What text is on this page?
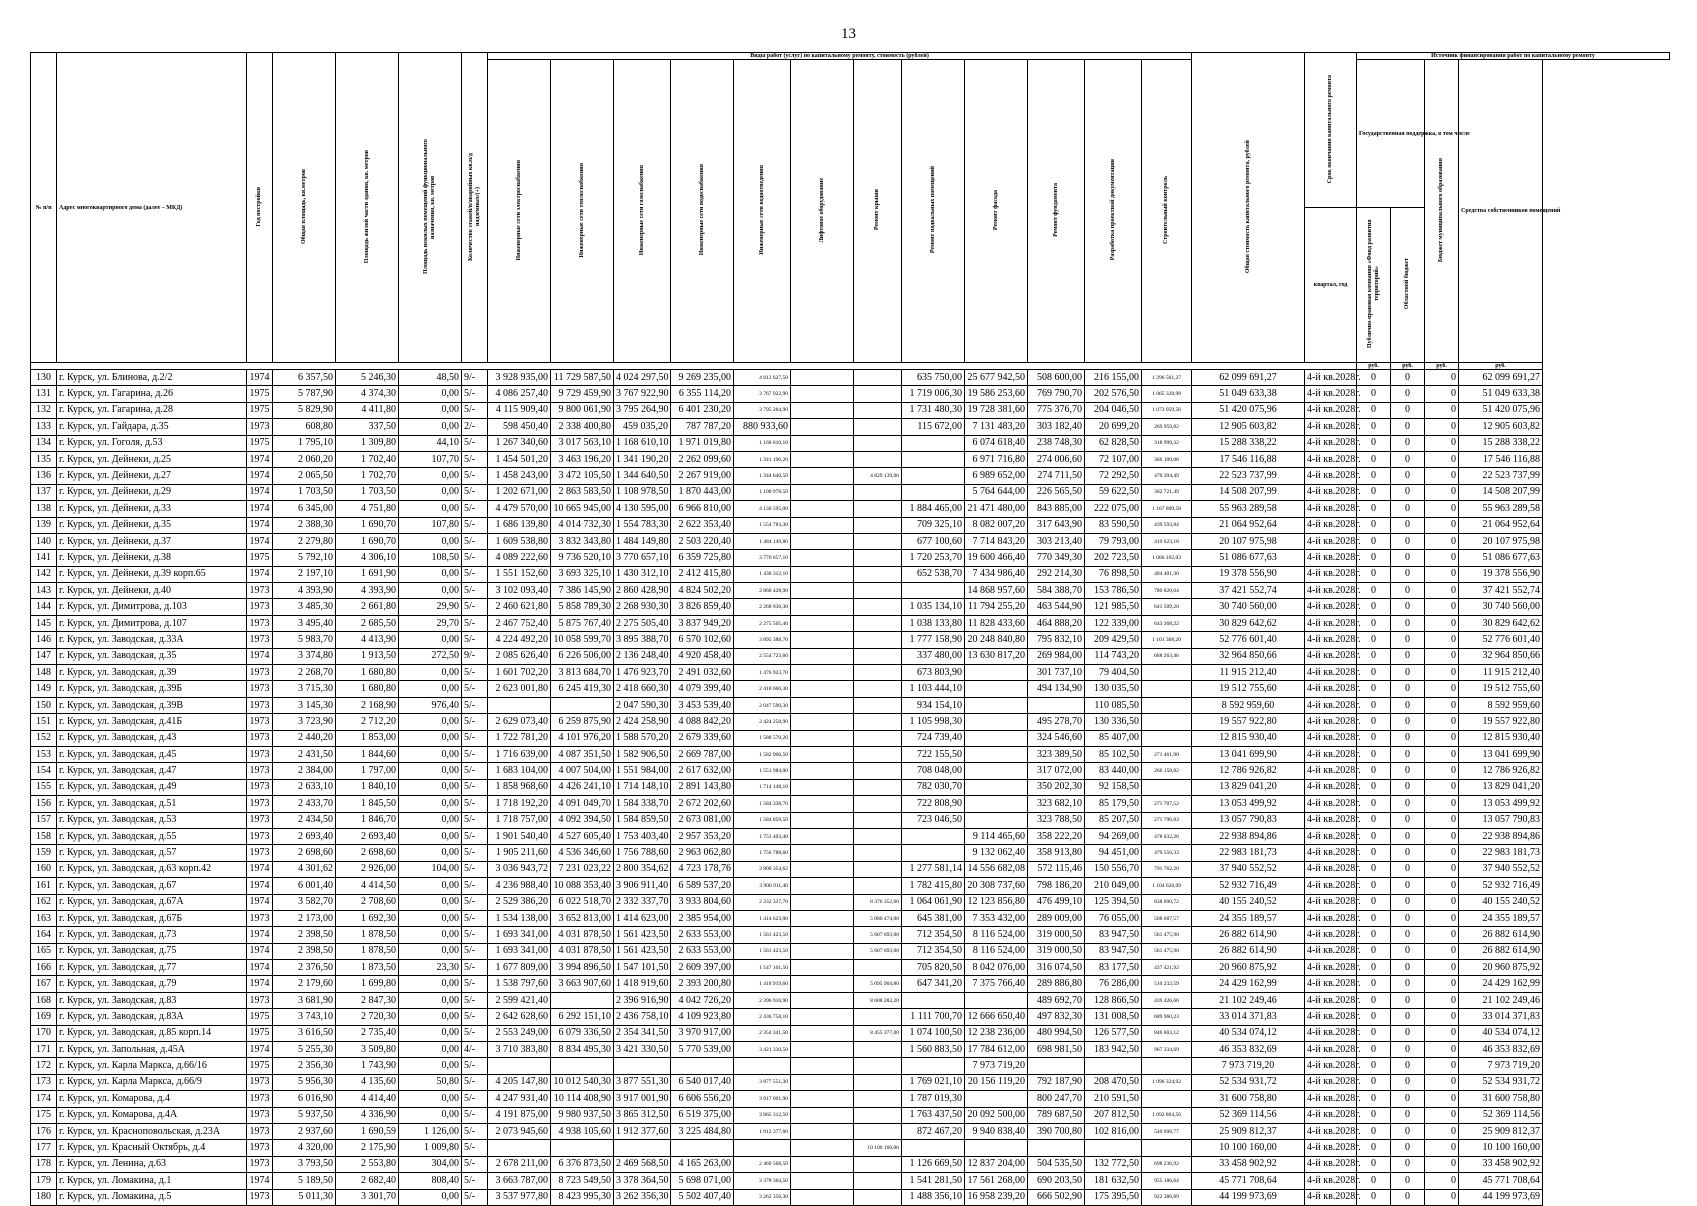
13
№ п/п	Адрес многоквартирного дома (далее – МКД)	Год постройки	Общая площадь, кв.метров	Площадь жилой части здания, кв. метров	Площадь нежилых помещений функционального назначения, кв. метров	Количество этажей/в/аварийных кв.м/д надземных/(+)	Виды работ (услуг) по капитальному ремонту, стоимость (рублей)												Общая стоимость капитального ремонта, рублей	Срок окончания капитального ремонта	Источник финансирования работ по капитальному ремонту			
							Инженерные сети электроснабжения	Инженерные сети теплоснабжения	Инженерные сети газоснабжения	Инженерные сети водоснабжения	Инженерные сети водоотведения	Лифтовое оборудование	Ремонт крыши	Ремонт подвальных помещений	Ремонт фасада	Ремонт фундамента	Разработка проектной документации	Строительный контроль			Государственная поддержка, в том числе		Бюджет муниципального образования	Средства собственников помещений
																				квартал, год	Публично-правовая компания «Фонд развития территорий»	Областной бюджет		
																					руб.	руб.	руб.	руб.
130	г. Курск, ул. Блинова, д.2/2	1974	6 357,50	5 246,30	48,50	9/-	3 928 935,00	11 729 587,50	4 024 297,50	9 269 235,00	4 812 627,50			635 750,00	25 677 942,50	508 600,00	216 155,00	1 296 561,27	62 099 691,27	4-й кв.2028г.	0	0	0	62 099 691,27
131	г. Курск, ул. Гагарина, д.26	1975	5 787,90	4 374,30	0,00	5/-	4 086 257,40	9 729 459,90	3 767 922,90	6 355 114,20	3 767 922,90			1 719 006,30	19 586 253,60	769 790,70	202 576,50	1 065 328,98	51 049 633,38	4-й кв.2028г.	0	0	0	51 049 633,38
132	г. Курск, ул. Гагарина, д.28	1975	5 829,90	4 411,80	0,00	5/-	4 115 909,40	9 800 061,90	3 795 264,90	6 401 230,20	3 795 264,90			1 731 480,30	19 728 381,60	775 376,70	204 046,50	1 073 059,56	51 420 075,96	4-й кв.2028г.	0	0	0	51 420 075,96
133	г. Курск, ул. Гайдара, д.35	1973	608,80	337,50	0,00	2/-	598 450,40	2 338 400,80	459 035,20	787 787,20	880 933,60			115 672,00	7 131 483,20	303 182,40	20 699,20	269 959,82	12 905 603,82	4-й кв.2028г.	0	0	0	12 905 603,82
134	г. Курск, ул. Гоголя, д.53	1975	1 795,10	1 309,80	44,10	5/-	1 267 340,60	3 017 563,10	1 168 610,10	1 971 019,80	1 168 610,10				6 074 618,40	238 748,30	62 828,50	318 999,32	15 288 338,22	4-й кв.2028г.	0	0	0	15 288 338,22
135	г. Курск, ул. Дейнеки, д.25	1974	2 060,20	1 702,40	107,70	5/-	1 454 501,20	3 463 196,20	1 341 190,20	2 262 099,60	1 341 190,20				6 971 716,80	274 006,60	72 107,00	366 109,08	17 546 116,88	4-й кв.2028г.	0	0	0	17 546 116,88
136	г. Курск, ул. Дейнеки, д.27	1974	2 065,50	1 702,70	0,00	5/-	1 458 243,00	3 472 105,50	1 344 640,50	2 267 919,00	1 344 640,50		4 829 139,00		6 989 652,00	274 711,50	72 292,50	470 394,49	22 523 737,99	4-й кв.2028г.	0	0	0	22 523 737,99
137	г. Курск, ул. Дейнеки, д.29	1974	1 703,50	1 703,50	0,00	5/-	1 202 671,00	2 863 583,50	1 108 978,50	1 870 443,00	1 108 978,50				5 764 644,00	226 565,50	59 622,50	302 721,49	14 508 207,99	4-й кв.2028г.	0	0	0	14 508 207,99
138	г. Курск, ул. Дейнеки, д.33	1974	6 345,00	4 751,80	0,00	5/-	4 479 570,00	10 665 945,00	4 130 595,00	6 966 810,00	4 130 595,00			1 884 465,00	21 471 480,00	843 885,00	222 075,00	1 167 809,58	55 963 289,58	4-й кв.2028г.	0	0	0	55 963 289,58
139	г. Курск, ул. Дейнеки, д.35	1974	2 388,30	1 690,70	107,80	5/-	1 686 139,80	4 014 732,30	1 554 783,30	2 622 353,40	1 554 783,30			709 325,10	8 082 007,20	317 643,90	83 590,50	439 593,84	21 064 952,64	4-й кв.2028г.	0	0	0	21 064 952,64
140	г. Курск, ул. Дейнеки, д.37	1974	2 279,80	1 690,70	0,00	5/-	1 609 538,80	3 832 343,80	1 484 149,80	2 503 220,40	1 484 149,80			677 100,60	7 714 843,20	303 213,40	79 793,00	419 623,18	20 107 975,98	4-й кв.2028г.	0	0	0	20 107 975,98
141	г. Курск, ул. Дейнеки, д.38	1975	5 792,10	4 306,10	108,50	5/-	4 089 222,60	9 736 520,10	3 770 657,10	6 359 725,80	3 770 657,10			1 720 253,70	19 600 466,40	770 349,30	202 723,50	1 066 102,03	51 086 677,63	4-й кв.2028г.	0	0	0	51 086 677,63
142	г. Курск, ул. Дейнеки, д.39 корп.65	1974	2 197,10	1 691,90	0,00	5/-	1 551 152,60	3 693 325,10	1 430 312,10	2 412 415,80	1 430 312,10			652 538,70	7 434 986,40	292 214,30	76 898,50	404 401,30	19 378 556,90	4-й кв.2028г.	0	0	0	19 378 556,90
143	г. Курск, ул. Дейнеки, д.40	1973	4 393,90	4 393,90	0,00	5/-	3 102 093,40	7 386 145,90	2 860 428,90	4 824 502,20	2 860 428,90				14 868 957,60	584 388,70	153 786,50	780 820,64	37 421 552,74	4-й кв.2028г.	0	0	0	37 421 552,74
144	г. Курск, ул. Димитрова, д.103	1973	3 485,30	2 661,80	29,90	5/-	2 460 621,80	5 858 789,30	2 268 930,30	3 826 859,40	2 268 930,30			1 035 134,10	11 794 255,20	463 544,90	121 985,50	641 509,20	30 740 560,00	4-й кв.2028г.	0	0	0	30 740 560,00
145	г. Курск, ул. Димитрова, д.107	1973	3 495,40	2 685,50	29,70	5/-	2 467 752,40	5 875 767,40	2 275 505,40	3 837 949,20	2 275 505,40			1 038 133,80	11 828 433,60	464 888,20	122 339,00	643 368,22	30 829 642,62	4-й кв.2028г.	0	0	0	30 829 642,62
146	г. Курск, ул. Заводская, д.33А	1973	5 983,70	4 413,90	0,00	5/-	4 224 492,20	10 058 599,70	3 895 388,70	6 570 102,60	3 895 388,70			1 777 158,90	20 248 840,80	795 832,10	209 429,50	1 101 368,20	52 776 601,40	4-й кв.2028г.	0	0	0	52 776 601,40
147	г. Курск, ул. Заводская, д.35	1974	3 374,80	1 913,50	272,50	9/-	2 085 626,40	6 226 506,00	2 136 248,40	4 920 458,40	2 554 723,60			337 480,00	13 630 817,20	269 984,00	114 743,20	688 263,46	32 964 850,66	4-й кв.2028г.	0	0	0	32 964 850,66
148	г. Курск, ул. Заводская, д.39	1973	2 268,70	1 680,80	0,00	5/-	1 601 702,20	3 813 684,70	1 476 923,70	2 491 032,60	1 476 923,70			673 803,90		301 737,10	79 404,50		11 915 212,40	4-й кв.2028г.	0	0	0	11 915 212,40
149	г. Курск, ул. Заводская, д.39Б	1973	3 715,30	1 680,80	0,00	5/-	2 623 001,80	6 245 419,30	2 418 660,30	4 079 399,40	2 418 660,30			1 103 444,10		494 134,90	130 035,50		19 512 755,60	4-й кв.2028г.	0	0	0	19 512 755,60
150	г. Курск, ул. Заводская, д.39В	1973	3 145,30	2 168,90	976,40	5/-			2 047 590,30	3 453 539,40	2 047 590,30			934 154,10			110 085,50		8 592 959,60	4-й кв.2028г.	0	0	0	8 592 959,60
151	г. Курск, ул. Заводская, д.41Б	1973	3 723,90	2 712,20	0,00	5/-	2 629 073,40	6 259 875,90	2 424 258,90	4 088 842,20	2 424 258,90			1 105 998,30		495 278,70	130 336,50		19 557 922,80	4-й кв.2028г.	0	0	0	19 557 922,80
152	г. Курск, ул. Заводская, д.43	1973	2 440,20	1 853,00	0,00	5/-	1 722 781,20	4 101 976,20	1 588 570,20	2 679 339,60	1 588 570,20			724 739,40		324 546,60	85 407,00		12 815 930,40	4-й кв.2028г.	0	0	0	12 815 930,40
153	г. Курск, ул. Заводская, д.45	1973	2 431,50	1 844,60	0,00	5/-	1 716 639,00	4 087 351,50	1 582 906,50	2 669 787,00	1 582 906,50			722 155,50		323 389,50	85 102,50	271 461,90	13 041 699,90	4-й кв.2028г.	0	0	0	13 041 699,90
154	г. Курск, ул. Заводская, д.47	1973	2 384,00	1 797,00	0,00	5/-	1 683 104,00	4 007 504,00	1 551 984,00	2 617 632,00	1 551 984,00			708 048,00		317 072,00	83 440,00	266 158,82	12 786 926,82	4-й кв.2028г.	0	0	0	12 786 926,82
155	г. Курск, ул. Заводская, д.49	1973	2 633,10	1 840,10	0,00	5/-	1 858 968,60	4 426 241,10	1 714 148,10	2 891 143,80	1 714 148,10			782 030,70		350 202,30	92 158,50		13 829 041,20	4-й кв.2028г.	0	0	0	13 829 041,20
156	г. Курск, ул. Заводская, д.51	1973	2 433,70	1 845,50	0,00	5/-	1 718 192,20	4 091 049,70	1 584 338,70	2 672 202,60	1 584 338,70			722 808,90		323 682,10	85 179,50	271 707,52	13 053 499,92	4-й кв.2028г.	0	0	0	13 053 499,92
157	г. Курск, ул. Заводская, д.53	1973	2 434,50	1 846,70	0,00	5/-	1 718 757,00	4 092 394,50	1 584 859,50	2 673 081,00	1 584 859,50			723 046,50		323 788,50	85 207,50	271 796,83	13 057 790,83	4-й кв.2028г.	0	0	0	13 057 790,83
158	г. Курск, ул. Заводская, д.55	1973	2 693,40	2 693,40	0,00	5/-	1 901 540,40	4 527 605,40	1 753 403,40	2 957 353,20	1 753 403,40				9 114 465,60	358 222,20	94 269,00	478 632,26	22 938 894,86	4-й кв.2028г.	0	0	0	22 938 894,86
159	г. Курск, ул. Заводская, д.57	1973	2 698,60	2 698,60	0,00	5/-	1 905 211,60	4 536 346,60	1 756 788,60	2 963 062,80	1 756 788,60				9 132 062,40	358 913,80	94 451,00	479 556,33	22 983 181,73	4-й кв.2028г.	0	0	0	22 983 181,73
160	г. Курск, ул. Заводская, д.63 корп.42	1974	4 301,62	2 926,00	104,00	5/-	3 036 943,72	7 231 023,22	2 800 354,62	4 723 178,76	2 800 354,62			1 277 581,14	14 556 682,08	572 115,46	150 556,70	791 762,20	37 940 552,52	4-й кв.2028г.	0	0	0	37 940 552,52
161	г. Курск, ул. Заводская, д.67	1974	6 001,40	4 414,50	0,00	5/-	4 236 988,40	10 088 353,40	3 906 911,40	6 589 537,20	3 906 911,40			1 782 415,80	20 308 737,60	798 186,20	210 049,00	1 104 626,09	52 932 716,49	4-й кв.2028г.	0	0	0	52 932 716,49
162	г. Курск, ул. Заводская, д.67А	1974	3 582,70	2 708,60	0,00	5/-	2 529 386,20	6 022 518,70	2 332 337,70	3 933 804,60	2 332 337,70		8 376 352,60	1 064 061,90	12 123 856,80	476 499,10	125 394,50	838 690,72	40 155 240,52	4-й кв.2028г.	0	0	0	40 155 240,52
163	г. Курск, ул. Заводская, д.67Б	1973	2 173,00	1 692,30	0,00	5/-	1 534 138,00	3 652 813,00	1 414 623,00	2 385 954,00	1 414 623,00		5 080 474,00	645 381,00	7 353 432,00	289 009,00	76 055,00	508 687,57	24 355 189,57	4-й кв.2028г.	0	0	0	24 355 189,57
164	г. Курск, ул. Заводская, д.73	1974	2 398,50	1 878,50	0,00	5/-	1 693 341,00	4 031 878,50	1 561 423,50	2 633 553,00	1 561 423,50		5 607 693,00	712 354,50	8 116 524,00	319 000,50	83 947,50	561 475,90	26 882 614,90	4-й кв.2028г.	0	0	0	26 882 614,90
165	г. Курск, ул. Заводская, д.75	1974	2 398,50	1 878,50	0,00	5/-	1 693 341,00	4 031 878,50	1 561 423,50	2 633 553,00	1 561 423,50		5 607 693,00	712 354,50	8 116 524,00	319 000,50	83 947,50	561 475,90	26 882 614,90	4-й кв.2028г.	0	0	0	26 882 614,90
166	г. Курск, ул. Заводская, д.77	1974	2 376,50	1 873,50	23,30	5/-	1 677 809,00	3 994 896,50	1 547 101,50	2 609 397,00	1 547 101,50			705 820,50	8 042 076,00	316 074,50	83 177,50	437 421,92	20 960 875,92	4-й кв.2028г.	0	0	0	20 960 875,92
167	г. Курск, ул. Заводская, д.79	1974	2 179,60	1 699,80	0,00	5/-	1 538 797,60	3 663 907,60	1 418 919,60	2 393 200,80	1 418 919,60		5 095 904,80	647 341,20	7 375 766,40	289 886,80	76 286,00	510 232,59	24 429 162,99	4-й кв.2028г.	0	0	0	24 429 162,99
168	г. Курск, ул. Заводская, д.83	1973	3 681,90	2 847,30	0,00	5/-	2 599 421,40		2 396 916,90	4 042 726,20	2 396 916,90		8 608 282,20			489 692,70	128 866,50	439 426,66	21 102 249,46	4-й кв.2028г.	0	0	0	21 102 249,46
169	г. Курск, ул. Заводская, д.83А	1975	3 743,10	2 720,30	0,00	5/-	2 642 628,60	6 292 151,10	2 436 758,10	4 109 923,80	2 436 758,10			1 111 700,70	12 666 650,40	497 832,30	131 008,50	689 960,23	33 014 371,83	4-й кв.2028г.	0	0	0	33 014 371,83
170	г. Курск, ул. Заводская, д.85 корп.14	1975	3 616,50	2 735,40	0,00	5/-	2 553 249,00	6 079 336,50	2 354 341,50	3 970 917,00	2 354 341,50		8 455 377,00	1 074 100,50	12 238 236,00	480 994,50	126 577,50	846 603,12	40 534 074,12	4-й кв.2028г.	0	0	0	40 534 074,12
171	г. Курск, ул. Запольная, д.45А	1974	5 255,30	3 509,80	0,00	4/-	3 710 383,80	8 834 495,30	3 421 330,50	5 770 539,00	3 421 330,50			1 560 883,50	17 784 612,00	698 981,50	183 942,50	967 334,69	46 353 832,69	4-й кв.2028г.	0	0	0	46 353 832,69
172	г. Курск, ул. Карла Маркса, д.66/16	1975	2 356,30	1 743,90	0,00	5/-									7 973 719,20				7 973 719,20	4-й кв.2028г.	0	0	0	7 973 719,20
173	г. Курск, ул. Карла Маркса, д.66/9	1973	5 956,30	4 135,60	50,80	5/-	4 205 147,80	10 012 540,30	3 877 551,30	6 540 017,40	3 877 551,30			1 769 021,10	20 156 119,20	792 187,90	208 470,50	1 096 324,92	52 534 931,72	4-й кв.2028г.	0	0	0	52 534 931,72
174	г. Курск, ул. Комарова, д.4	1973	6 016,90	4 414,40	0,00	5/-	4 247 931,40	10 114 408,90	3 917 001,90	6 606 556,20	3 917 001,90			1 787 019,30		800 247,70	210 591,50		31 600 758,80	4-й кв.2028г.	0	0	0	31 600 758,80
175	г. Курск, ул. Комарова, д.4А	1973	5 937,50	4 336,90	0,00	5/-	4 191 875,00	9 980 937,50	3 865 312,50	6 519 375,00	3 865 312,50			1 763 437,50	20 092 500,00	789 687,50	207 812,50	1 092 864,56	52 369 114,56	4-й кв.2028г.	0	0	0	52 369 114,56
176	г. Курск, ул. Красноповольская, д.23А	1973	2 937,60	1 690,59	1 126,00	5/-	2 073 945,60	4 938 105,60	1 912 377,60	3 225 484,80	1 912 377,60			872 467,20	9 940 838,40	390 700,80	102 816,00	540 698,77	25 909 812,37	4-й кв.2028г.	0	0	0	25 909 812,37
177	г. Курск, ул. Красный Октябрь, д.4	1973	4 320,00	2 175,90	1 009,80	5/-							10 100 160,00						10 100 160,00	4-й кв.2028г.	0	0	0	10 100 160,00
178	г. Курск, ул. Ленина, д.63	1973	3 793,50	2 553,80	304,00	5/-	2 678 211,00	6 376 873,50	2 469 568,50	4 165 263,00	2 469 568,50			1 126 669,50	12 837 204,00	504 535,50	132 772,50	698 236,92	33 458 902,92	4-й кв.2028г.	0	0	0	33 458 902,92
179	г. Курск, ул. Ломакина, д.1	1974	5 189,50	2 682,40	808,40	5/-	3 663 787,00	8 723 549,50	3 378 364,50	5 698 071,00	3 378 364,50			1 541 281,50	17 561 268,00	690 203,50	181 632,50	955 186,64	45 771 708,64	4-й кв.2028г.	0	0	0	45 771 708,64
180	г. Курск, ул. Ломакина, д.5	1973	5 011,30	3 301,70	0,00	5/-	3 537 977,80	8 423 995,30	3 262 356,30	5 502 407,40	3 262 356,30			1 488 356,10	16 958 239,20	666 502,90	175 395,50	922 386,89	44 199 973,69	4-й кв.2028г.	0	0	0	44 199 973,69
